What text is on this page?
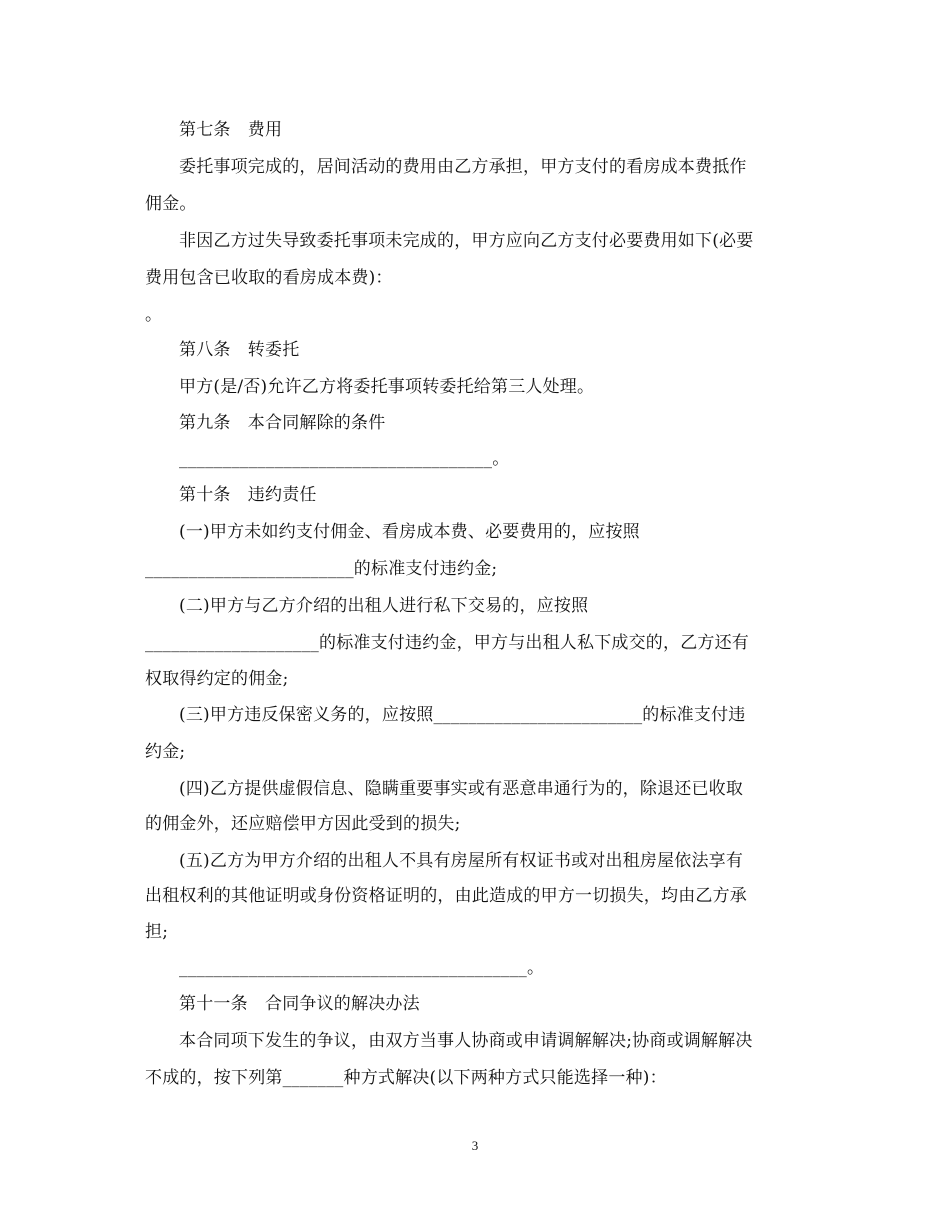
第七条　费用
委托事项完成的，居间活动的费用由乙方承担，甲方支付的看房成本费抵作
佣金。
非因乙方过失导致委托事项未完成的，甲方应向乙方支付必要费用如下(必要
费用包含已收取的看房成本费)：
。
第八条　转委托
甲方(是/否)允许乙方将委托事项转委托给第三人处理。
第九条　本合同解除的条件
____________________________________。
第十条　违约责任
(一)甲方未如约支付佣金、看房成本费、必要费用的，应按照
________________________的标准支付违约金;
(二)甲方与乙方介绍的出租人进行私下交易的，应按照
____________________的标准支付违约金，甲方与出租人私下成交的，乙方还有
权取得约定的佣金;
(三)甲方违反保密义务的，应按照________________________的标准支付违
约金;
(四)乙方提供虚假信息、隐瞒重要事实或有恶意串通行为的，除退还已收取
的佣金外，还应赔偿甲方因此受到的损失;
(五)乙方为甲方介绍的出租人不具有房屋所有权证书或对出租房屋依法享有
出租权利的其他证明或身份资格证明的，由此造成的甲方一切损失，均由乙方承
担;
________________________________________。
第十一条　合同争议的解决办法
本合同项下发生的争议，由双方当事人协商或申请调解解决;协商或调解解决
不成的，按下列第_______种方式解决(以下两种方式只能选择一种)：
3
